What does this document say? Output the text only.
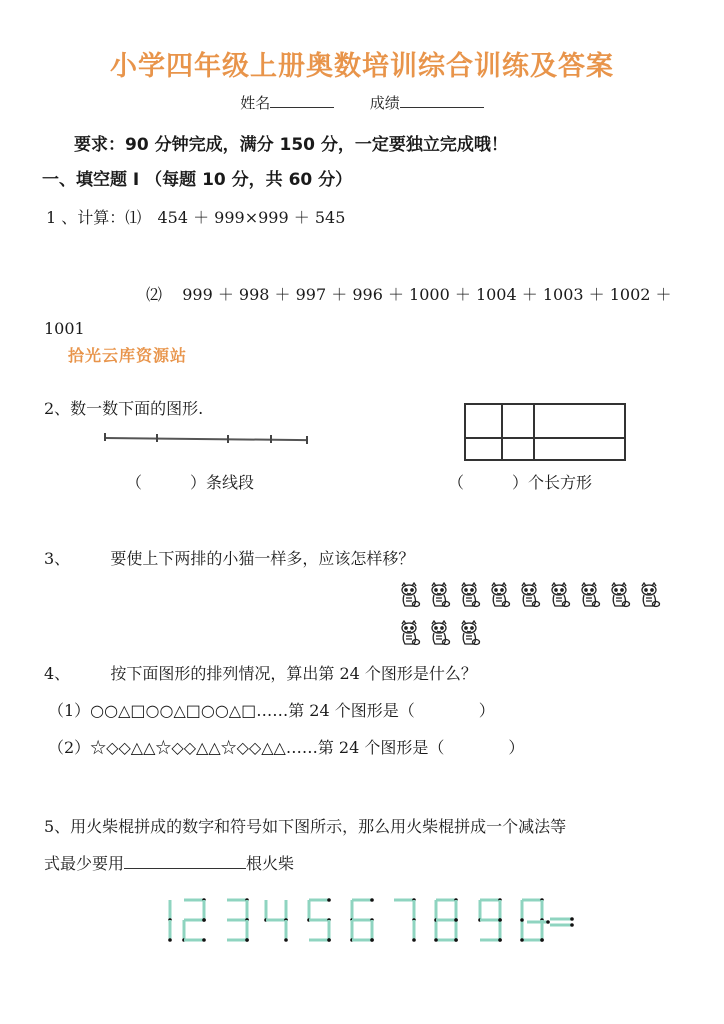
小学四年级上册奥数培训综合训练及答案
姓名	成绩
要求：90 分钟完成，满分 150 分，一定要独立完成哦！
一、填空题 I （每题 10 分，共 60 分）
1 、计算：⑴ 454 ＋ 999×999 ＋ 545
⑵ 999 ＋ 998 ＋ 997 ＋ 996 ＋ 1000 ＋ 1004 ＋ 1003 ＋ 1002 ＋
1001
拾光云库资源站
2、数一数下面的图形.
（　　　）条线段	（　　　）个长方形
3、	要使上下两排的小猫一样多，应该怎样移？
4、	按下面图形的排列情况，算出第 24 个图形是什么？
（1）○○△□○○△□○○△□……第 24 个图形是（　　　　）
（2）☆◇◇△△☆◇◇△△☆◇◇△△……第 24 个图形是（　　　　）
5、用火柴棍拼成的数字和符号如下图所示，那么用火柴棍拼成一个减法等
式最少要用	根火柴
